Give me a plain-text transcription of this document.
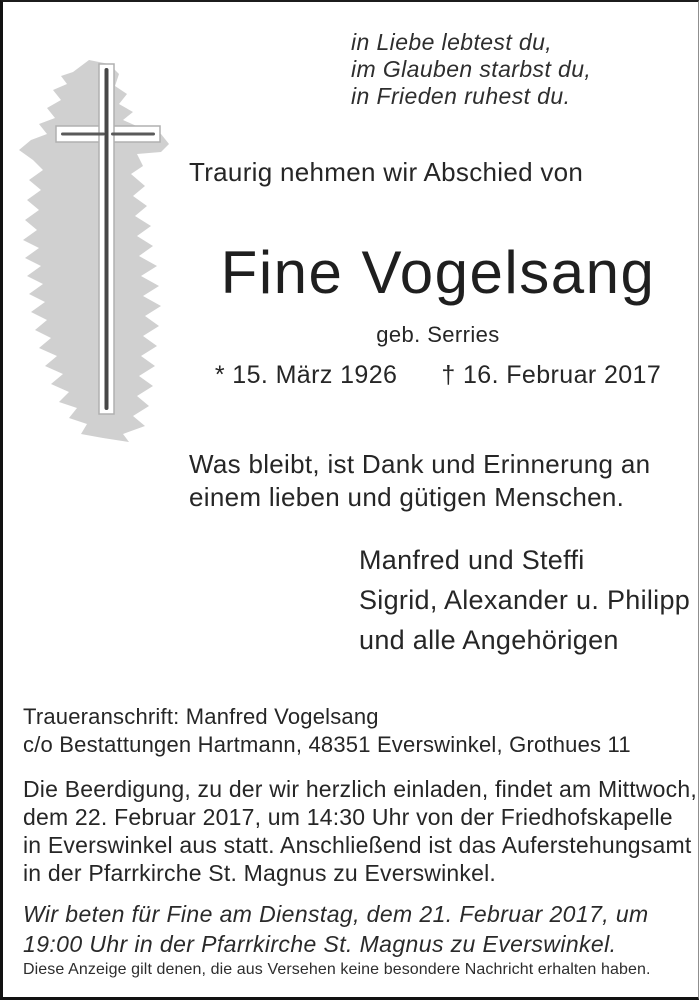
in Liebe lebtest du,
im Glauben starbst du,
in Frieden ruhest du.
Traurig nehmen wir Abschied von
Fine Vogelsang
geb. Serries
* 15. März 1926 † 16. Februar 2017
Was bleibt, ist Dank und Erinnerung an
einem lieben und gütigen Menschen.
Manfred und Steffi
Sigrid, Alexander u. Philipp
und alle Angehörigen
Traueranschrift: Manfred Vogelsang
c/o Bestattungen Hartmann, 48351 Everswinkel, Grothues 11
Die Beerdigung, zu der wir herzlich einladen, findet am Mittwoch,
dem 22. Februar 2017, um 14:30 Uhr von der Friedhofskapelle
in Everswinkel aus statt. Anschließend ist das Auferstehungsamt
in der Pfarrkirche St. Magnus zu Everswinkel.
Wir beten für Fine am Dienstag, dem 21. Februar 2017, um
19:00 Uhr in der Pfarrkirche St. Magnus zu Everswinkel.
Diese Anzeige gilt denen, die aus Versehen keine besondere Nachricht erhalten haben.
